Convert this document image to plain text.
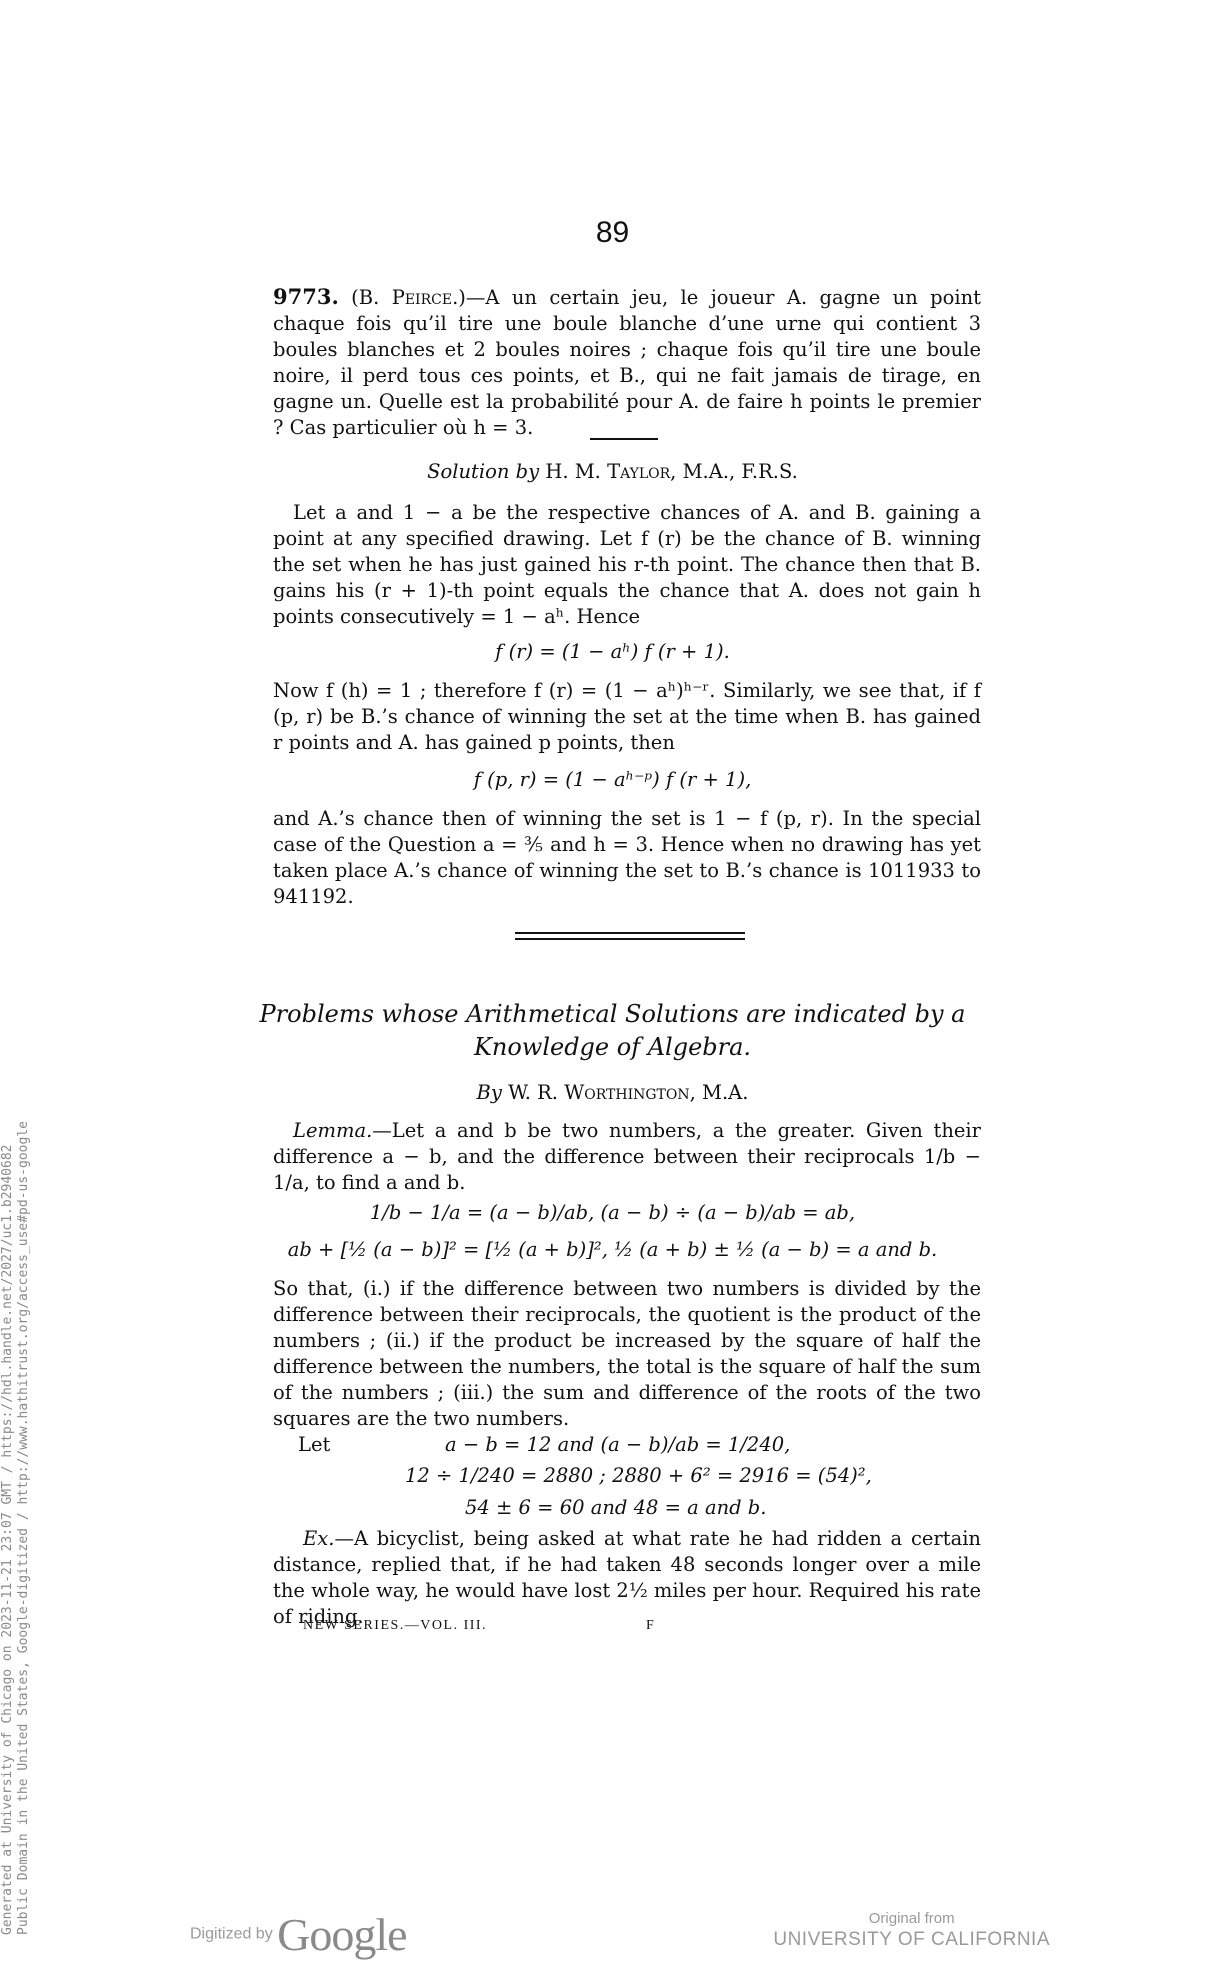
89
9773. (B. Peirce.)—A un certain jeu, le joueur A. gagne un point chaque fois qu’il tire une boule blanche d’une urne qui contient 3 boules blanches et 2 boules noires ; chaque fois qu’il tire une boule noire, il perd tous ces points, et B., qui ne fait jamais de tirage, en gagne un. Quelle est la probabilité pour A. de faire h points le premier ? Cas particulier où h = 3.
Solution by H. M. Taylor, M.A., F.R.S.
Let a and 1 − a be the respective chances of A. and B. gaining a point at any specified drawing. Let f (r) be the chance of B. winning the set when he has just gained his r-th point. The chance then that B. gains his (r + 1)-th point equals the chance that A. does not gain h points consecutively = 1 − aʰ. Hence
f (r) = (1 − aʰ) f (r + 1).
Now f (h) = 1 ; therefore f (r) = (1 − aʰ)ʰ⁻ʳ. Similarly, we see that, if f (p, r) be B.’s chance of winning the set at the time when B. has gained r points and A. has gained p points, then
f (p, r) = (1 − aʰ⁻ᵖ) f (r + 1),
and A.’s chance then of winning the set is 1 − f (p, r). In the special case of the Question a = ⅗ and h = 3. Hence when no drawing has yet taken place A.’s chance of winning the set to B.’s chance is 1011933 to 941192.
Problems whose Arithmetical Solutions are indicated by a
Knowledge of Algebra.
By W. R. Worthington, M.A.
Lemma.—Let a and b be two numbers, a the greater. Given their difference a − b, and the difference between their reciprocals 1/b − 1/a, to find a and b.
1/b − 1/a = (a − b)/ab, (a − b) ÷ (a − b)/ab = ab,
ab + [½ (a − b)]² = [½ (a + b)]², ½ (a + b) ± ½ (a − b) = a and b.
So that, (i.) if the difference between two numbers is divided by the difference between their reciprocals, the quotient is the product of the numbers ; (ii.) if the product be increased by the square of half the difference between the numbers, the total is the square of half the sum of the numbers ; (iii.) the sum and difference of the roots of the two squares are the two numbers.
Let	a − b = 12 and (a − b)/ab = 1/240,
12 ÷ 1/240 = 2880 ; 2880 + 6² = 2916 = (54)²,
54 ± 6 = 60 and 48 = a and b.
Ex.—A bicyclist, being asked at what rate he had ridden a certain distance, replied that, if he had taken 48 seconds longer over a mile the whole way, he would have lost 2½ miles per hour. Required his rate of riding.
NEW SERIES.—VOL. III.	F
Generated at University of Chicago on 2023-11-21 23:07 GMT / https://hdl.handle.net/2027/uc1.b2940682 Public Domain in the United States, Google-digitized / http://www.hathitrust.org/access_use#pd-us-google	Digitized by Google	Original from
UNIVERSITY OF CALIFORNIA
